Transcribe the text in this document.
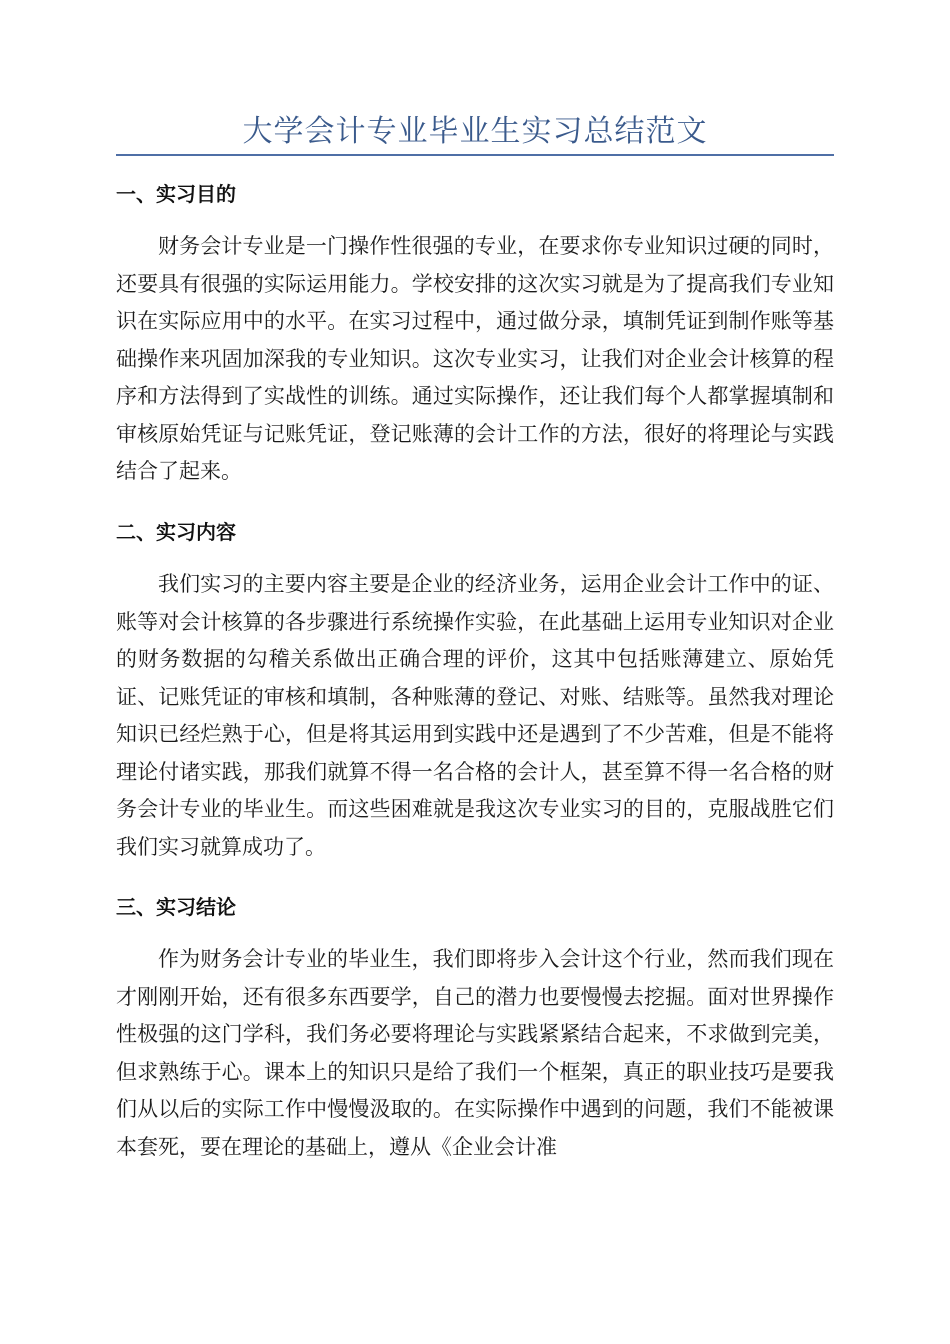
大学会计专业毕业生实习总结范文
一、实习目的

财务会计专业是一门操作性很强的专业，在要求你专业知识过硬的同时，还要具有很强的实际运用能力。学校安排的这次实习就是为了提高我们专业知识在实际应用中的水平。在实习过程中，通过做分录，填制凭证到制作账等基础操作来巩固加深我的专业知识。这次专业实习，让我们对企业会计核算的程序和方法得到了实战性的训练。通过实际操作，还让我们每个人都掌握填制和审核原始凭证与记账凭证，登记账薄的会计工作的方法，很好的将理论与实践结合了起来。

二、实习内容

我们实习的主要内容主要是企业的经济业务，运用企业会计工作中的证、账等对会计核算的各步骤进行系统操作实验，在此基础上运用专业知识对企业的财务数据的勾稽关系做出正确合理的评价，这其中包括账薄建立、原始凭证、记账凭证的审核和填制，各种账薄的登记、对账、结账等。虽然我对理论知识已经烂熟于心，但是将其运用到实践中还是遇到了不少苦难，但是不能将理论付诸实践，那我们就算不得一名合格的会计人，甚至算不得一名合格的财务会计专业的毕业生。而这些困难就是我这次专业实习的目的，克服战胜它们我们实习就算成功了。

三、实习结论

作为财务会计专业的毕业生，我们即将步入会计这个行业，然而我们现在才刚刚开始，还有很多东西要学，自己的潜力也要慢慢去挖掘。面对世界操作性极强的这门学科，我们务必要将理论与实践紧紧结合起来，不求做到完美，但求熟练于心。课本上的知识只是给了我们一个框架，真正的职业技巧是要我们从以后的实际工作中慢慢汲取的。在实际操作中遇到的问题，我们不能被课本套死，要在理论的基础上，遵从《企业会计准
